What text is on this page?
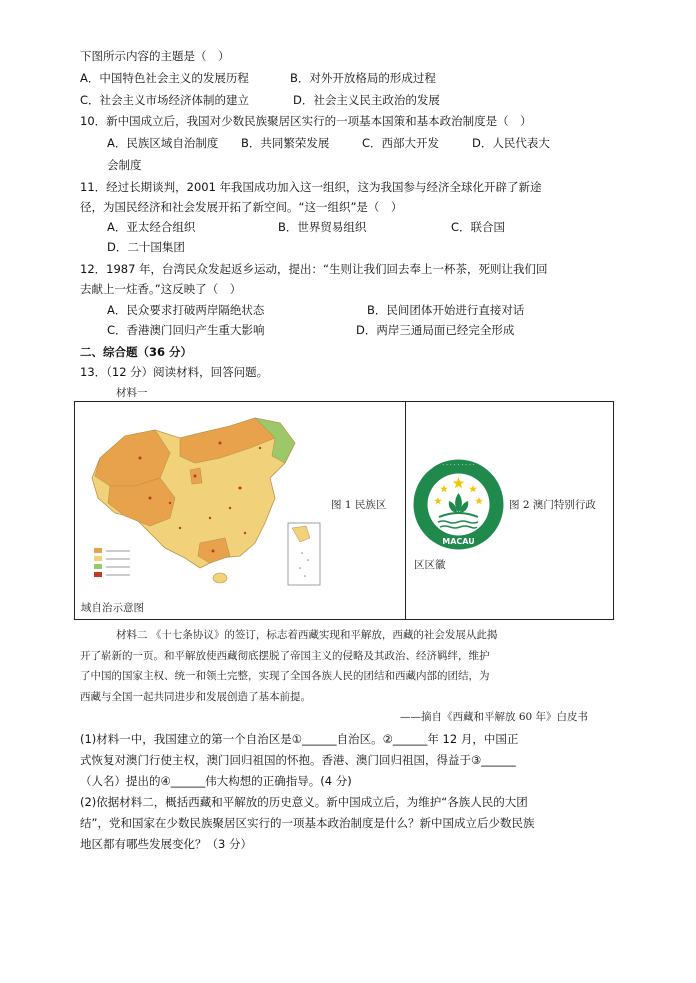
下图所示内容的主题是（　）
A．中国特色社会主义的发展历程	B．对外开放格局的形成过程
C．社会主义市场经济体制的建立	D．社会主义民主政治的发展
10．新中国成立后，我国对少数民族聚居区实行的一项基本国策和基本政治制度是（　）
A．民族区域自治制度 B．共同繁荣发展	C．西部大开发	D．人民代表大
会制度
11．经过长期谈判，2001 年我国成功加入这一组织，这为我国参与经济全球化开辟了新途
径，为国民经济和社会发展开拓了新空间。“这一组织”是（　）
A．亚太经合组织	B．世界贸易组织	C．联合国
D．二十国集团
12．1987 年，台湾民众发起返乡运动，提出：“生则让我们回去奉上一杯茶，死则让我们回
去献上一炷香。”这反映了（　）
A．民众要求打破两岸隔绝状态	B．民间团体开始进行直接对话
C．香港澳门回归产生重大影响	D．两岸三通局面已经完全形成
二、综合题（36 分）
13．（12 分）阅读材料，回答问题。
材料一
图 1 民族区
域自治示意图
· · · · · · · · ·
MACAU
图 2 澳门特别行政
区区徽
材料二 《十七条协议》的签订，标志着西藏实现和平解放，西藏的社会发展从此揭
开了崭新的一页。和平解放使西藏彻底摆脱了帝国主义的侵略及其政治、经济羁绊，维护
了中国的国家主权、统一和领土完整，实现了全国各族人民的团结和西藏内部的团结，为
西藏与全国一起共同进步和发展创造了基本前提。
——摘自《西藏和平解放 60 年》白皮书
(1)材料一中，我国建立的第一个自治区是①______自治区。②______年 12 月，中国正
式恢复对澳门行使主权，澳门回归祖国的怀抱。香港、澳门回归祖国，得益于③______
（人名）提出的④______伟大构想的正确指导。(4 分)
(2)依据材料二，概括西藏和平解放的历史意义。新中国成立后，为维护“各族人民的大团
结”，党和国家在少数民族聚居区实行的一项基本政治制度是什么？新中国成立后少数民族
地区都有哪些发展变化？（3 分）
